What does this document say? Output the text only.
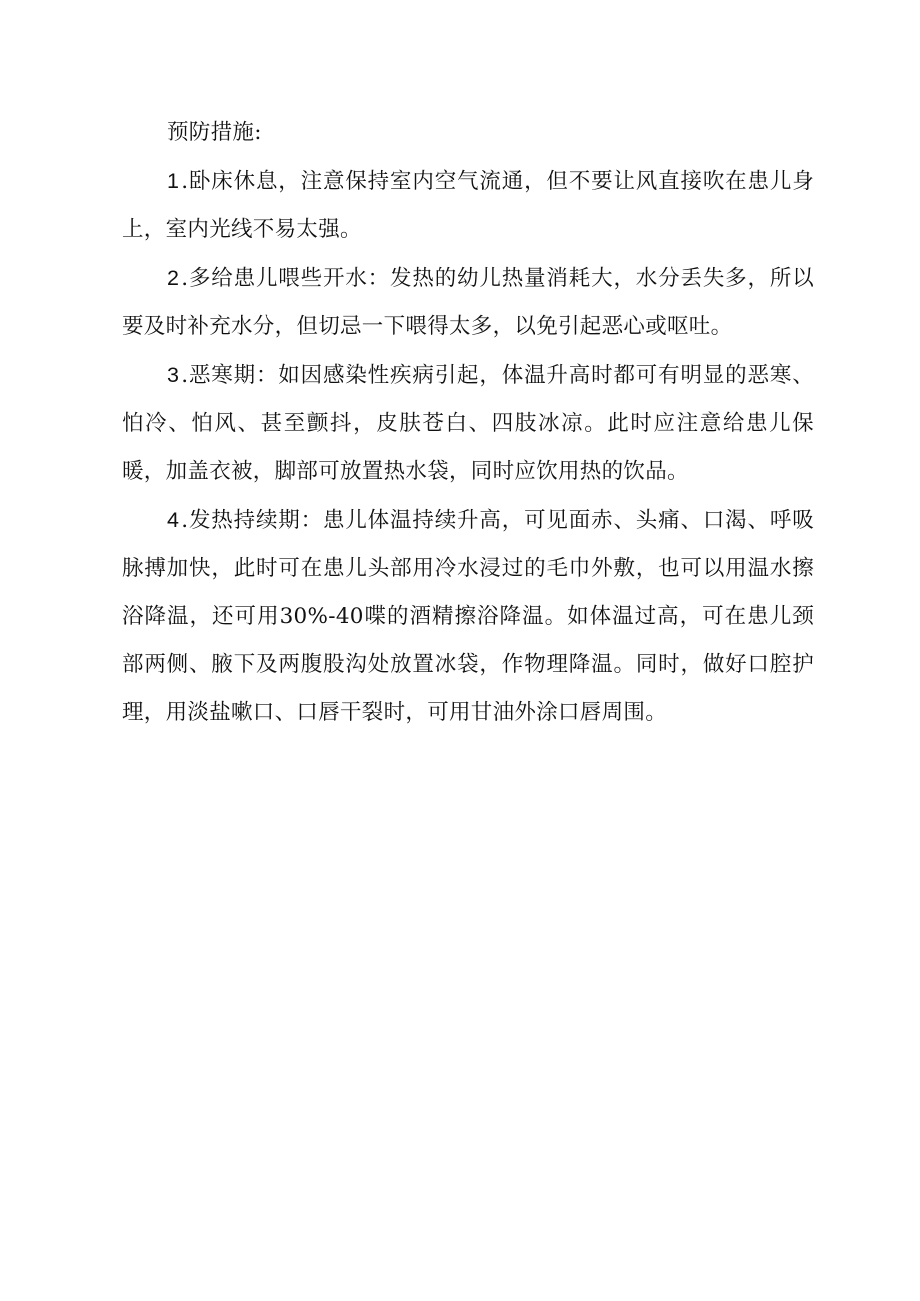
预防措施:

1.卧床休息，注意保持室内空气流通，但不要让风直接吹在患儿身上，室内光线不易太强。

2.多给患儿喂些开水：发热的幼儿热量消耗大，水分丢失多，所以要及时补充水分，但切忌一下喂得太多，以免引起恶心或呕吐。

3.恶寒期：如因感染性疾病引起，体温升高时都可有明显的恶寒、怕冷、怕风、甚至颤抖，皮肤苍白、四肢冰凉。此时应注意给患儿保暖，加盖衣被，脚部可放置热水袋，同时应饮用热的饮品。

4.发热持续期：患儿体温持续升高，可见面赤、头痛、口渴、呼吸脉搏加快，此时可在患儿头部用冷水浸过的毛巾外敷，也可以用温水擦浴降温，还可用30%-40喋的酒精擦浴降温。如体温过高，可在患儿颈部两侧、腋下及两腹股沟处放置冰袋，作物理降温。同时，做好口腔护理，用淡盐嗽口、口唇干裂时，可用甘油外涂口唇周围。
